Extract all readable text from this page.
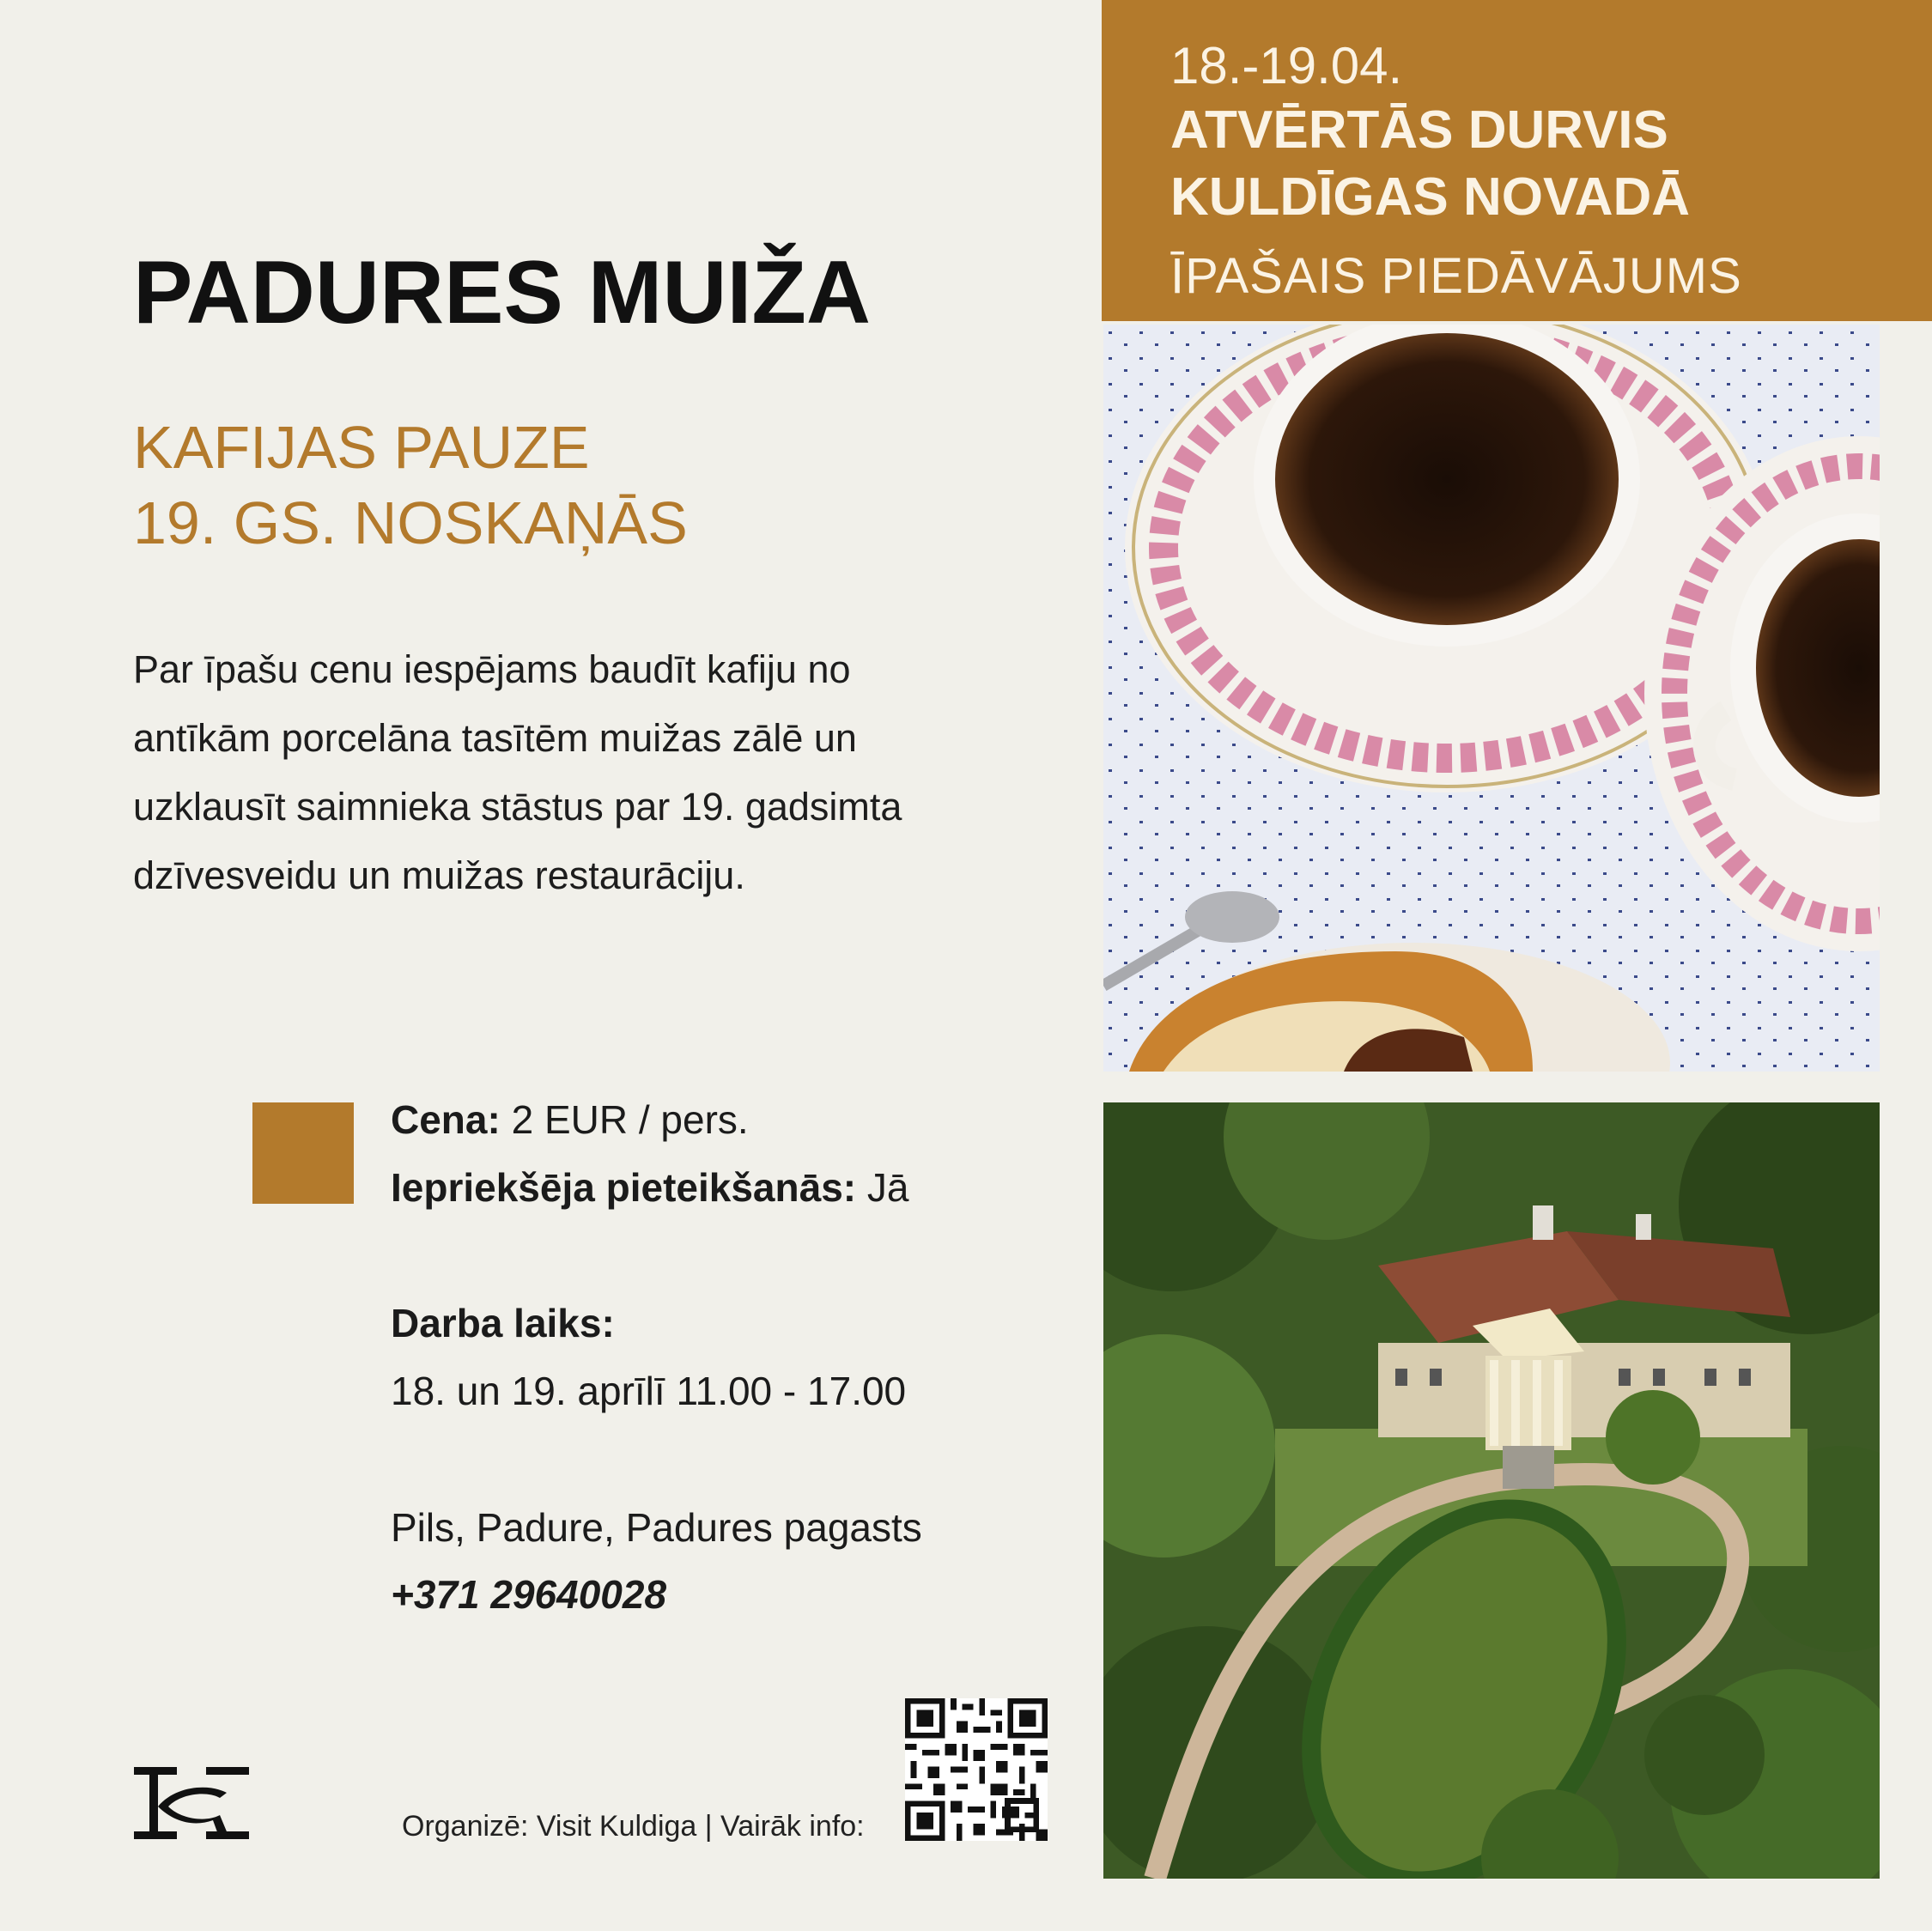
18.-19.04.
ATVĒRTĀS DURVIS
KULDĪGAS NOVADĀ
ĪPAŠAIS PIEDĀVĀJUMS
PADURES MUIŽA
KAFIJAS PAUZE
19. GS. NOSKAŅĀS
Par īpašu cenu iespējams baudīt kafiju no
antīkām porcelāna tasītēm muižas zālē un
uzklausīt saimnieka stāstus par 19. gadsimta
dzīvesveidu un muižas restaurāciju.
Cena: 2 EUR / pers.
Iepriekšēja pieteikšanās: Jā
Darba laiks:
18. un 19. aprīlī 11.00 - 17.00
Pils, Padure, Padures pagasts
+371 29640028
Organizē: Visit Kuldiga | Vairāk info:
